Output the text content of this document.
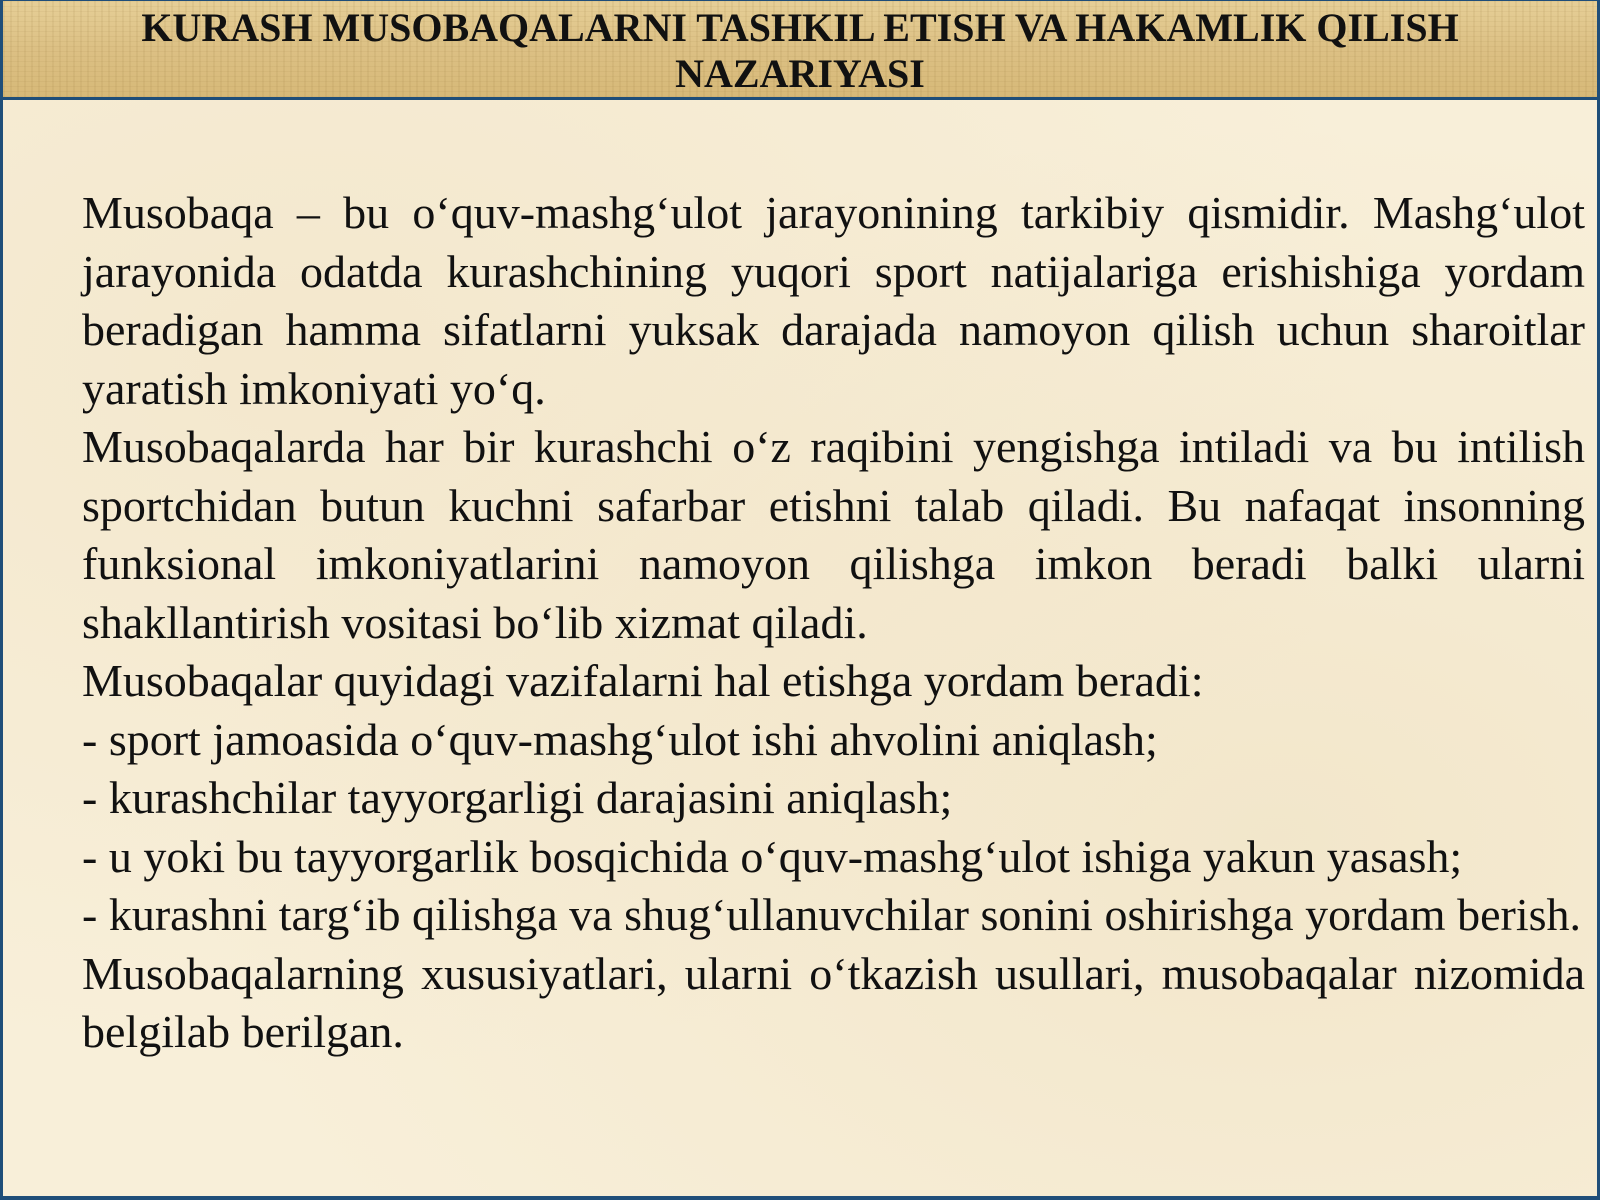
KURASH MUSOBAQALARNI TASHKIL ETISH VA HAKAMLIK QILISH NAZARIYASI

Musobaqa – bu o‘quv-mashg‘ulot jarayonining tarkibiy qismidir. Mashg‘ulot jarayonida odatda kurashchining yuqori sport natijalariga erishishiga yordam beradigan hamma sifatlarni yuksak darajada namoyon qilish uchun sharoitlar yaratish imkoniyati yo‘q.

Musobaqalarda har bir kurashchi o‘z raqibini yengishga intiladi va bu intilish sportchidan butun kuchni safarbar etishni talab qiladi. Bu nafaqat insonning funksional imkoniyatlarini namoyon qilishga imkon beradi balki ularni shakllantirish vositasi bo‘lib xizmat qiladi.

Musobaqalar quyidagi vazifalarni hal etishga yordam beradi:

- sport jamoasida o‘quv-mashg‘ulot ishi ahvolini aniqlash;

- kurashchilar tayyorgarligi darajasini aniqlash;

- u yoki bu tayyorgarlik bosqichida o‘quv-mashg‘ulot ishiga yakun yasash;

- kurashni targ‘ib qilishga va shug‘ullanuvchilar sonini oshirishga yordam berish.

Musobaqalarning xususiyatlari, ularni o‘tkazish usullari, musobaqalar nizomida belgilab berilgan.
